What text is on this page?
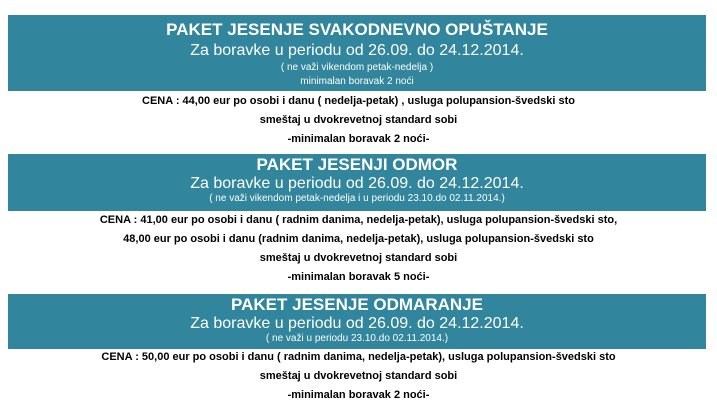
PAKET JESENJE SVAKODNEVNO OPUŠTANJE
Za boravke u periodu od 26.09. do 24.12.2014.
( ne važi vikendom petak-nedelja )
minimalan boravak 2 noći
CENA : 44,00 eur po osobi i danu ( nedelja-petak) , usluga polupansion-švedski sto
smeštaj u dvokrevetnoj standard sobi
-minimalan boravak 2 noći-
PAKET JESENJI ODMOR
Za boravke u periodu od 26.09. do 24.12.2014.
( ne važi vikendom petak-nedelja i u periodu 23.10.do 02.11.2014.)
CENA : 41,00 eur po osobi i danu ( radnim danima, nedelja-petak), usluga polupansion-švedski sto,
48,00 eur po osobi i danu (radnim danima, nedelja-petak), usluga polupansion-švedski sto
smeštaj u dvokrevetnoj standard sobi
-minimalan boravak 5 noći-
PAKET JESENJE ODMARANJE
Za boravke u periodu od 26.09. do 24.12.2014.
( ne važi u periodu 23.10.do 02.11.2014.)
CENA : 50,00 eur po osobi i danu ( radnim danima, nedelja-petak), usluga polupansion-švedski sto
smeštaj u dvokrevetnoj standard sobi
-minimalan boravak 2 noći-
